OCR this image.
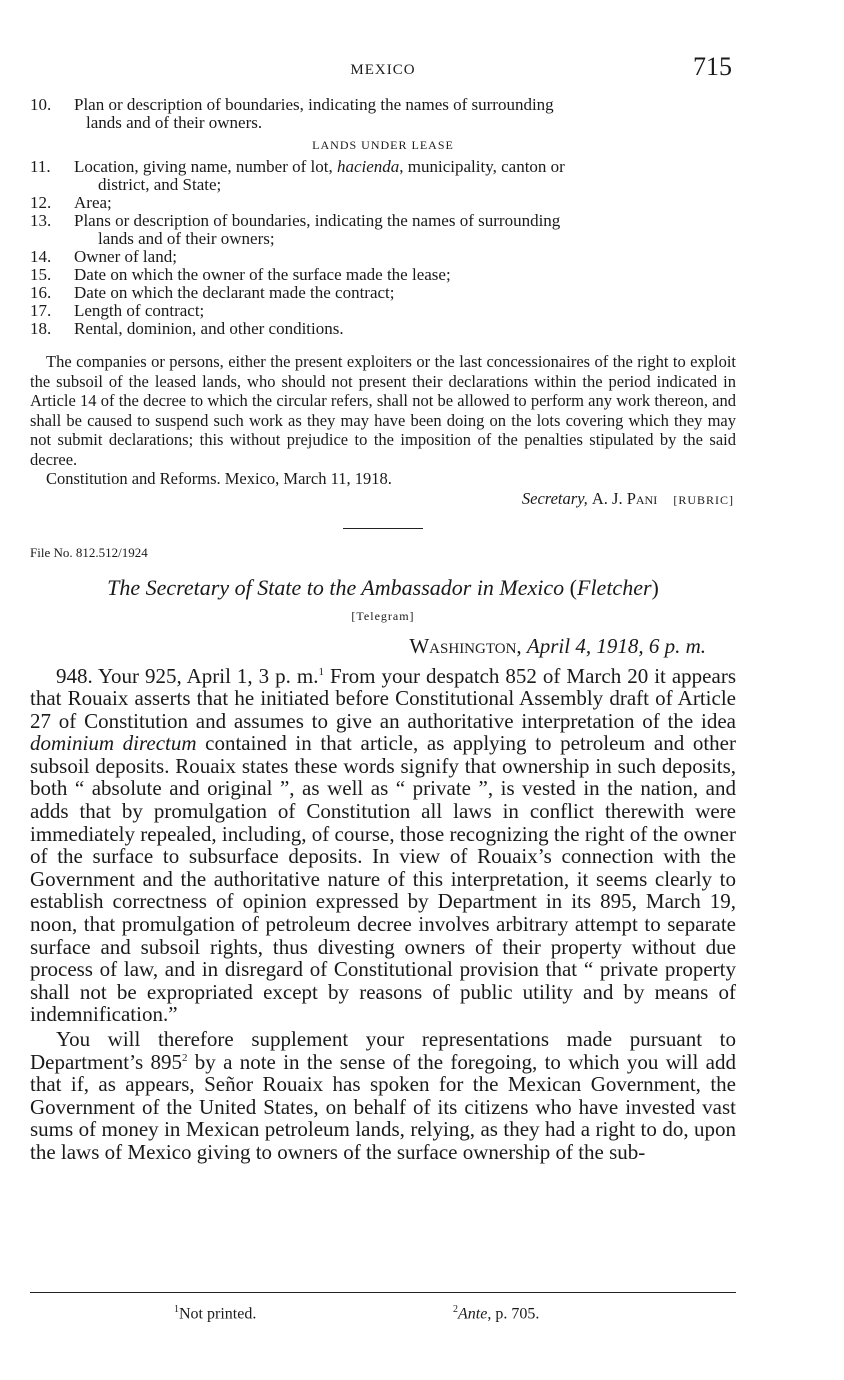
MEXICO	715
10.	Plan or description of boundaries, indicating the names of surrounding
lands and of their owners.
LANDS UNDER LEASE
11.	Location, giving name, number of lot, hacienda, municipality, canton or
district, and State;
12.	Area;
13.	Plans or description of boundaries, indicating the names of surrounding
lands and of their owners;
14.	Owner of land;
15.	Date on which the owner of the surface made the lease;
16.	Date on which the declarant made the contract;
17.	Length of contract;
18.	Rental, dominion, and other conditions.
The companies or persons, either the present exploiters or the last concessionaires of the right to exploit the subsoil of the leased lands, who should not present their declarations within the period indicated in Article 14 of the decree to which the circular refers, shall not be allowed to perform any work thereon, and shall be caused to suspend such work as they may have been doing on the lots covering which they may not submit declarations; this without prejudice to the imposition of the penalties stipulated by the said decree.
Constitution and Reforms. Mexico, March 11, 1918.
Secretary, A. J. Pani [RUBRIC]
File No. 812.512/1924
The Secretary of State to the Ambassador in Mexico (Fletcher)
[Telegram]
Washington, April 4, 1918, 6 p. m.
948. Your 925, April 1, 3 p. m.$^1$ From your despatch 852 of March 20 it appears that Rouaix asserts that he initiated before Constitutional Assembly draft of Article 27 of Constitution and assumes to give an authoritative interpretation of the idea dominium directum contained in that article, as applying to petroleum and other subsoil deposits. Rouaix states these words signify that ownership in such deposits, both “ absolute and original ”, as well as “ private ”, is vested in the nation, and adds that by promulgation of Constitution all laws in conflict therewith were immediately repealed, including, of course, those recognizing the right of the owner of the surface to subsurface deposits. In view of Rouaix’s connection with the Government and the authoritative nature of this interpretation, it seems clearly to establish correctness of opinion expressed by Department in its 895, March 19, noon, that promulgation of petroleum decree involves arbitrary attempt to separate surface and subsoil rights, thus divesting owners of their property without due process of law, and in disregard of Constitutional provision that “ private property shall not be expropriated except by reasons of public utility and by means of indemnification.”
You will therefore supplement your representations made pursuant to Department’s 895$^2$ by a note in the sense of the foregoing, to which you will add that if, as appears, Señor Rouaix has spoken for the Mexican Government, the Government of the United States, on behalf of its citizens who have invested vast sums of money in Mexican petroleum lands, relying, as they had a right to do, upon the laws of Mexico giving to owners of the surface ownership of the sub-
$^1$Not printed.	$^2$Ante, p. 705.
